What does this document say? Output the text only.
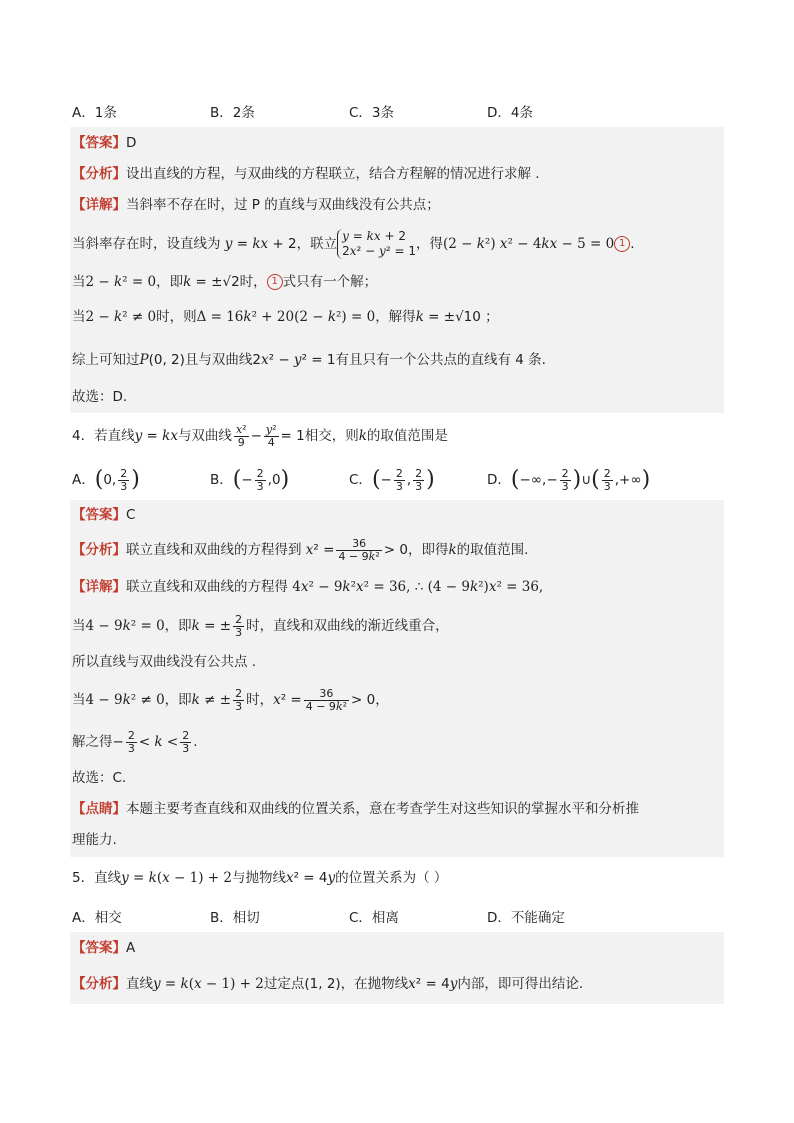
A．1条	B．2条	C．3条	D．4条
【答案】D
【分析】设出直线的方程，与双曲线的方程联立，结合方程解的情况进行求解 .
【详解】当斜率不存在时，过 P 的直线与双曲线没有公共点；
当斜率存在时，设直线为 y = kx + 2，联立 y = kx + 2
2x² − y² = 1，得(2 − k²) x² − 4kx − 5 = 0 1 .
当2 − k² = 0，即k = ±√2时， 1 式只有一个解；
当2 − k² ≠ 0时，则Δ = 16k² + 20(2 − k²) = 0，解得k = ±√10 ；
综上可知过P(0, 2)且与双曲线2x² − y² = 1有且只有一个公共点的直线有 4 条.
故选：D.
4．若直线y = kx与双曲线 $\frac{\text{x²}}{9} - \frac{\text{y²}}{4} = 1$相交，则k的取值范围是
A．(0, $\frac{2}{3}$ )	B．(− $\frac{2}{3} ,0$)	C．(− $\frac{2}{3}$ , $\frac{2}{3}$ )	D．(−∞,− $\frac{2}{3}$ )∪( $\frac{2}{3}$ ,+∞)
【答案】C
【分析】联立直线和双曲线的方程得到 $x^2 = \frac{36}{\text{4 − 9k²}} > 0$，即得k的取值范围.
【详解】联立直线和双曲线的方程得 4x² − 9k²x² = 36, ∴ (4 − 9k²)x² = 36,
当4 − 9k² = 0，即k = ± $\frac{2}{3}$ 时，直线和双曲线的渐近线重合，
所以直线与双曲线没有公共点 .
当4 − 9k² ≠ 0，即k ≠ ± $\frac{2}{3}$ 时，$x^2 = \frac{36}{\text{4 − 9k²}} > 0$，
解之得− $\frac{2}{3} < k < \frac{2}{3}$ .
故选：C.
【点睛】本题主要考查直线和双曲线的位置关系，意在考查学生对这些知识的掌握水平和分析推
理能力.
5．直线y = k(x − 1) + 2与抛物线x² = 4y的位置关系为（ ）
A．相交	B．相切	C．相离	D．不能确定
【答案】A
【分析】直线y = k(x − 1) + 2过定点(1, 2)，在抛物线x² = 4y内部，即可得出结论.
